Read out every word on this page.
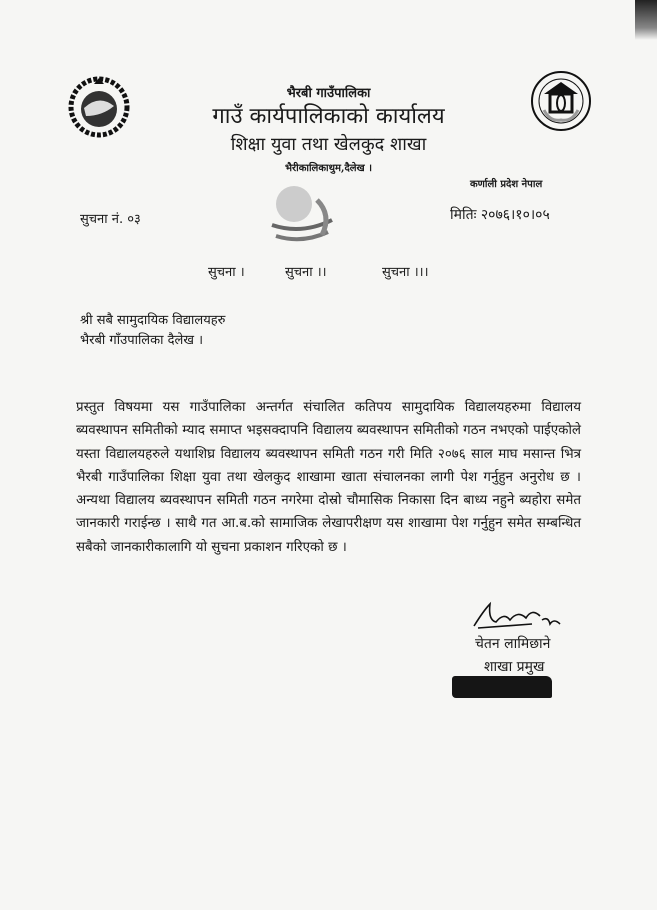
भैरबी गाउँपालिका
गाउँ कार्यपालिकाको कार्यालय
शिक्षा युवा तथा खेलकुद शाखा
भैरीकालिकाथुम,दैलेख ।
कर्णाली प्रदेश नेपाल
सुचना नं. ०३	मितिः २०७६।१०।०५
सुचना ।	सुचना ।।	सुचना ।।।
श्री सबै सामुदायिक विद्यालयहरु
भैरबी गाँउपालिका दैलेख ।
प्रस्तुत विषयमा यस गाउँपालिका अन्तर्गत संचालित कतिपय सामुदायिक विद्यालयहरुमा विद्यालय ब्यवस्थापन समितीको म्याद समाप्त भइसक्दापनि विद्यालय ब्यवस्थापन समितीको गठन नभएको पाईएकोले यस्ता विद्यालयहरुले यथाशिघ्र विद्यालय ब्यवस्थापन समिती गठन गरी मिति २०७६ साल माघ मसान्त भित्र भैरबी गाउँपालिका शिक्षा युवा तथा खेलकुद शाखामा खाता संचालनका लागी पेश गर्नुहुन अनुरोध छ । अन्यथा विद्यालय ब्यवस्थापन समिती गठन नगरेमा दोस्रो चौमासिक निकासा दिन बाध्य नहुने ब्यहोरा समेत जानकारी गराईन्छ । साथै गत आ.ब.को सामाजिक लेखापरीक्षण यस शाखामा पेश गर्नुहुन समेत सम्बन्धित सबैको जानकारीकालागि यो सुचना प्रकाशन गरिएको छ ।
चेतन लामिछाने
शाखा प्रमुख
